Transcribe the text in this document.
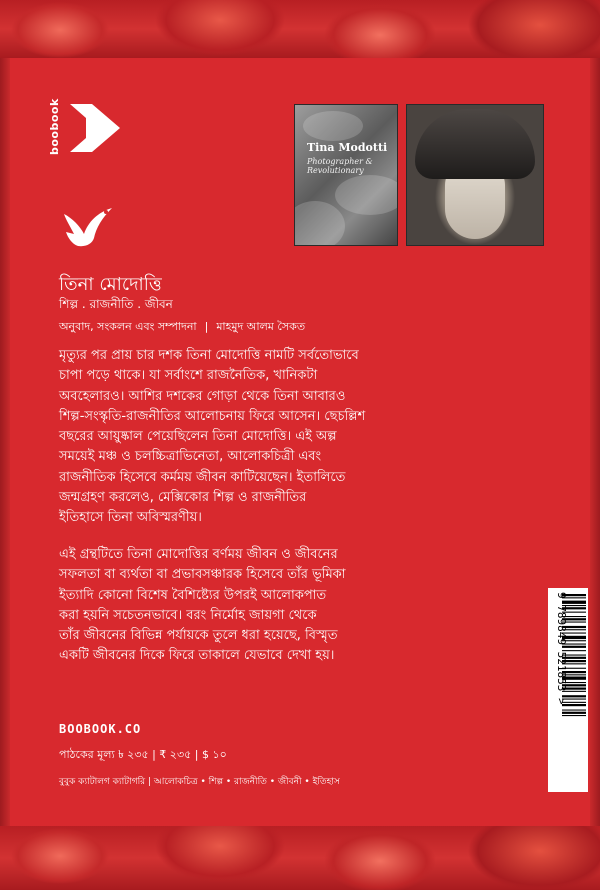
boobook	Tina Modotti
Photographer & Revolutionary
তিনা মোদোত্তি
শিল্প . রাজনীতি . জীবন
অনুবাদ, সংকলন এবং সম্পাদনা | মাহমুদ আলম সৈকত
মৃত্যুর পর প্রায় চার দশক তিনা মোদোত্তি নামটি সর্বতোভাবে
চাপা পড়ে থাকে। যা সর্বাংশে রাজনৈতিক, খানিকটা
অবহেলারও। আশির দশকের গোড়া থেকে তিনা আবারও
শিল্প-সংস্কৃতি-রাজনীতির আলোচনায় ফিরে আসেন। ছেচল্লিশ
বছরের আয়ুষ্কাল পেয়েছিলেন তিনা মোদোত্তি। এই অল্প
সময়েই মঞ্চ ও চলচ্চিত্রাভিনেতা, আলোকচিত্রী এবং
রাজনীতিক হিসেবে কর্মময় জীবন কাটিয়েছেন। ইতালিতে
জন্মগ্রহণ করলেও, মেক্সিকোর শিল্প ও রাজনীতির
ইতিহাসে তিনা অবিস্মরণীয়।
এই গ্রন্থটিতে তিনা মোদোত্তির বর্ণময় জীবন ও জীবনের
সফলতা বা ব্যর্থতা বা প্রভাবসঞ্চারক হিসেবে তাঁর ভূমিকা
ইত্যাদি কোনো বিশেষ বৈশিষ্ট্যের উপরই আলোকপাত
করা হয়নি সচেতনভাবে। বরং নির্মোহ জায়গা থেকে
তাঁর জীবনের বিভিন্ন পর্যায়কে তুলে ধরা হয়েছে, বিস্মৃত
একটি জীবনের দিকে ফিরে তাকালে যেভাবে দেখা হয়।
BOOBOOK.CO
পাঠকের মূল্য ৳ ২৩৫ | ₹ ২৩৫ | $ ১০
বুবুক ক্যাটালগ ক্যাটাগরি | আলোকচিত্র • শিল্প • রাজনীতি • জীবনী • ইতিহাস
9 789849 521853 >
